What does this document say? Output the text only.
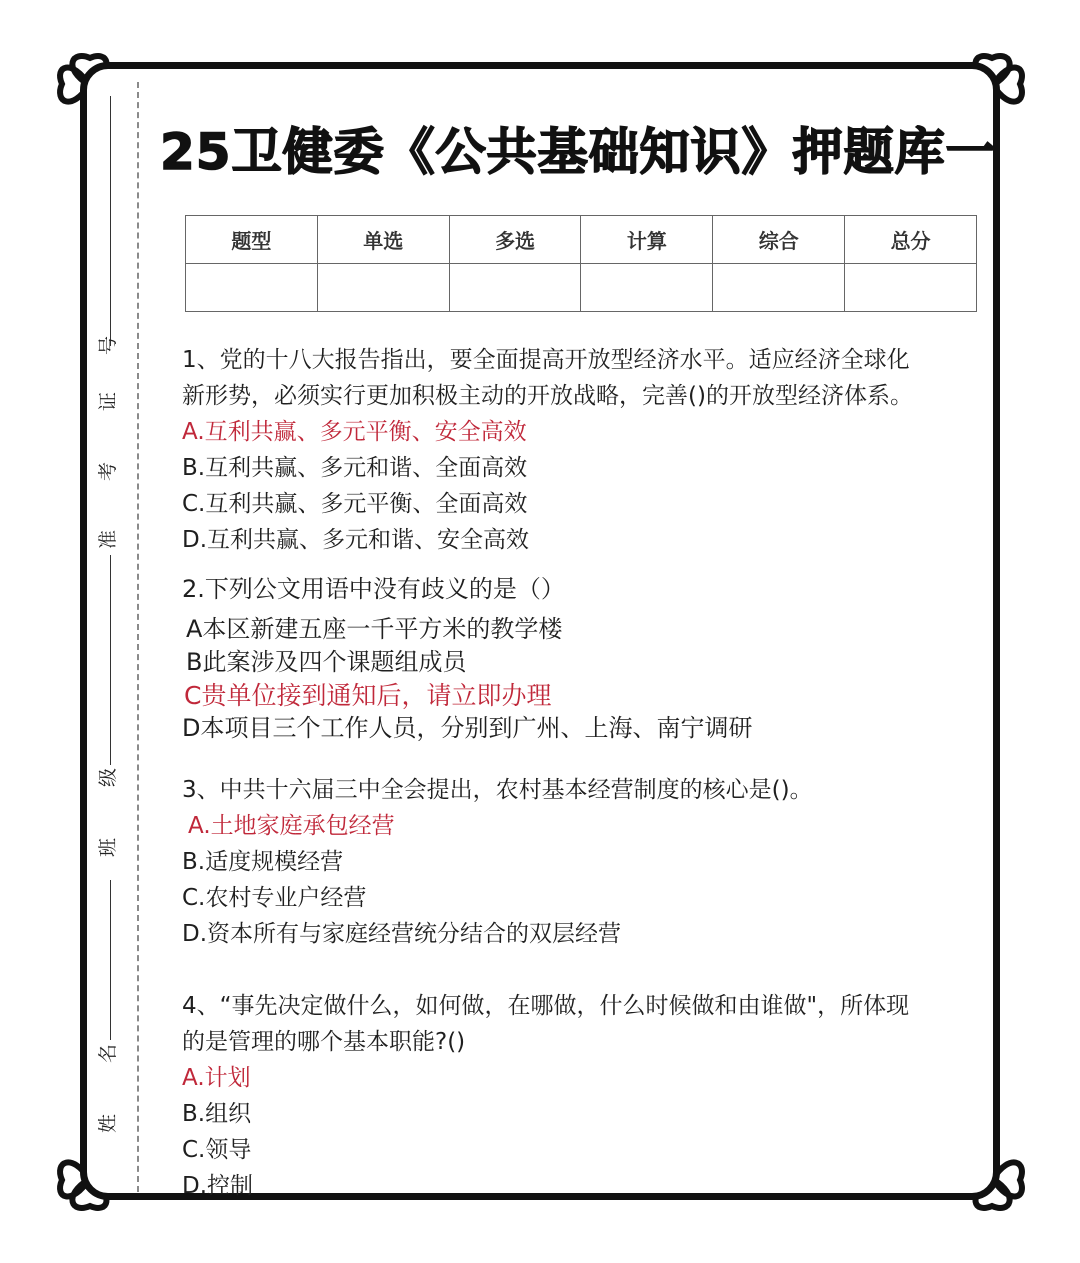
准
考
证
号
班
级
姓
名
25卫健委《公共基础知识》押题库一
题型	单选	多选	计算	综合	总分

1、党的十八大报告指出，要全面提高开放型经济水平。适应经济全球化
新形势，必须实行更加积极主动的开放战略，完善()的开放型经济体系。
A.互利共赢、多元平衡、安全高效
B.互利共赢、多元和谐、全面高效
C.互利共赢、多元平衡、全面高效
D.互利共赢、多元和谐、安全高效
2.下列公文用语中没有歧义的是（）
A本区新建五座一千平方米的教学楼
B此案涉及四个课题组成员
C贵单位接到通知后，请立即办理
D本项目三个工作人员，分别到广州、上海、南宁调研
3、中共十六届三中全会提出，农村基本经营制度的核心是()。
A.土地家庭承包经营
B.适度规模经营
C.农村专业户经营
D.资本所有与家庭经营统分结合的双层经营
4、“事先决定做什么，如何做，在哪做，什么时候做和由谁做"，所体现
的是管理的哪个基本职能?()
A.计划
B.组织
C.领导
D.控制
